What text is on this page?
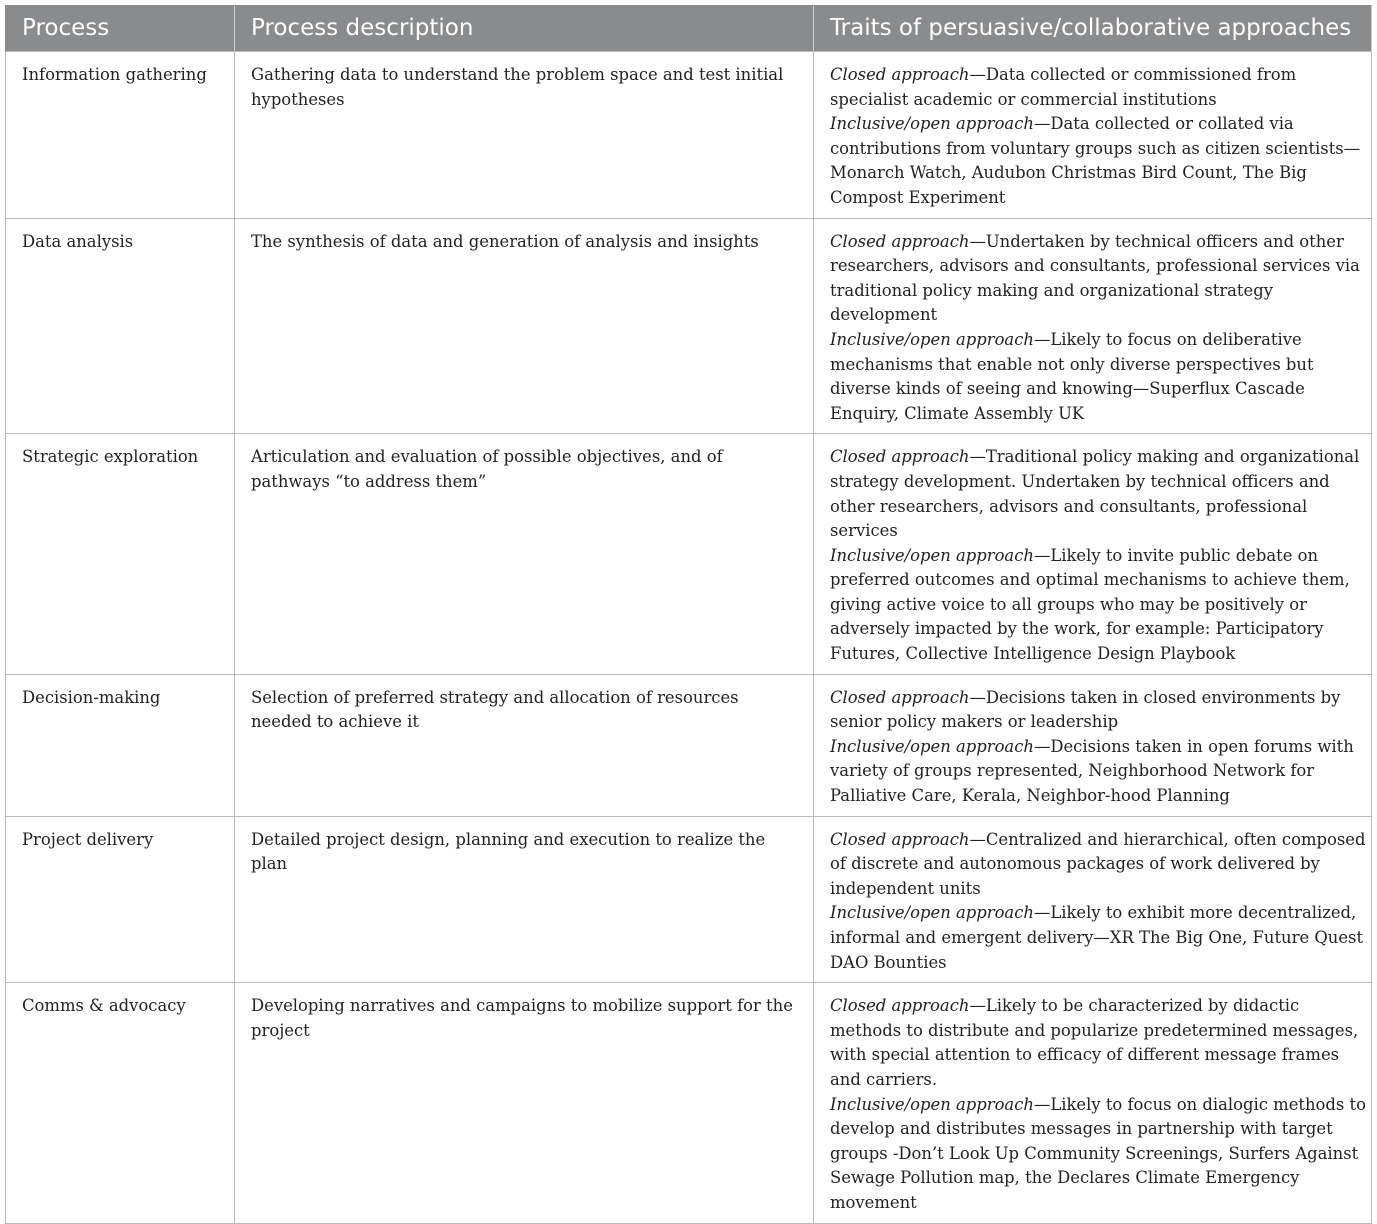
Process	Process description	Traits of persuasive/collaborative approaches
Information gathering	Gathering data to understand the problem space and test initial hypotheses	Closed approach—Data collected or commissioned from specialist academic or commercial institutions
Inclusive/open approach—Data collected or collated via contributions from voluntary groups such as citizen scientists—Monarch Watch, Audubon Christmas Bird Count, The Big Compost Experiment

Data analysis	The synthesis of data and generation of analysis and insights	Closed approach—Undertaken by technical officers and other researchers, advisors and consultants, professional services via traditional policy making and organizational strategy development
Inclusive/open approach—Likely to focus on deliberative mechanisms that enable not only diverse perspectives but diverse kinds of seeing and knowing—Superflux Cascade Enquiry, Climate Assembly UK

Strategic exploration	Articulation and evaluation of possible objectives, and of pathways “to address them”	Closed approach—Traditional policy making and organizational strategy development. Undertaken by technical officers and other researchers, advisors and consultants, professional services
Inclusive/open approach—Likely to invite public debate on preferred outcomes and optimal mechanisms to achieve them, giving active voice to all groups who may be positively or adversely impacted by the work, for example: Participatory Futures, Collective Intelligence Design Playbook

Decision-making	Selection of preferred strategy and allocation of resources needed to achieve it	Closed approach—Decisions taken in closed environments by senior policy makers or leadership
Inclusive/open approach—Decisions taken in open forums with variety of groups represented, Neighborhood Network for Palliative Care, Kerala, Neighbor-hood Planning

Project delivery	Detailed project design, planning and execution to realize the plan	Closed approach—Centralized and hierarchical, often composed of discrete and autonomous packages of work delivered by independent units
Inclusive/open approach—Likely to exhibit more decentralized, informal and emergent delivery—XR The Big One, Future Quest DAO Bounties

Comms & advocacy	Developing narratives and campaigns to mobilize support for the project	Closed approach—Likely to be characterized by didactic methods to distribute and popularize predetermined messages, with special attention to efficacy of different message frames and carriers.
Inclusive/open approach—Likely to focus on dialogic methods to develop and distributes messages in partnership with target groups -Don’t Look Up Community Screenings, Surfers Against Sewage Pollution map, the Declares Climate Emergency movement
